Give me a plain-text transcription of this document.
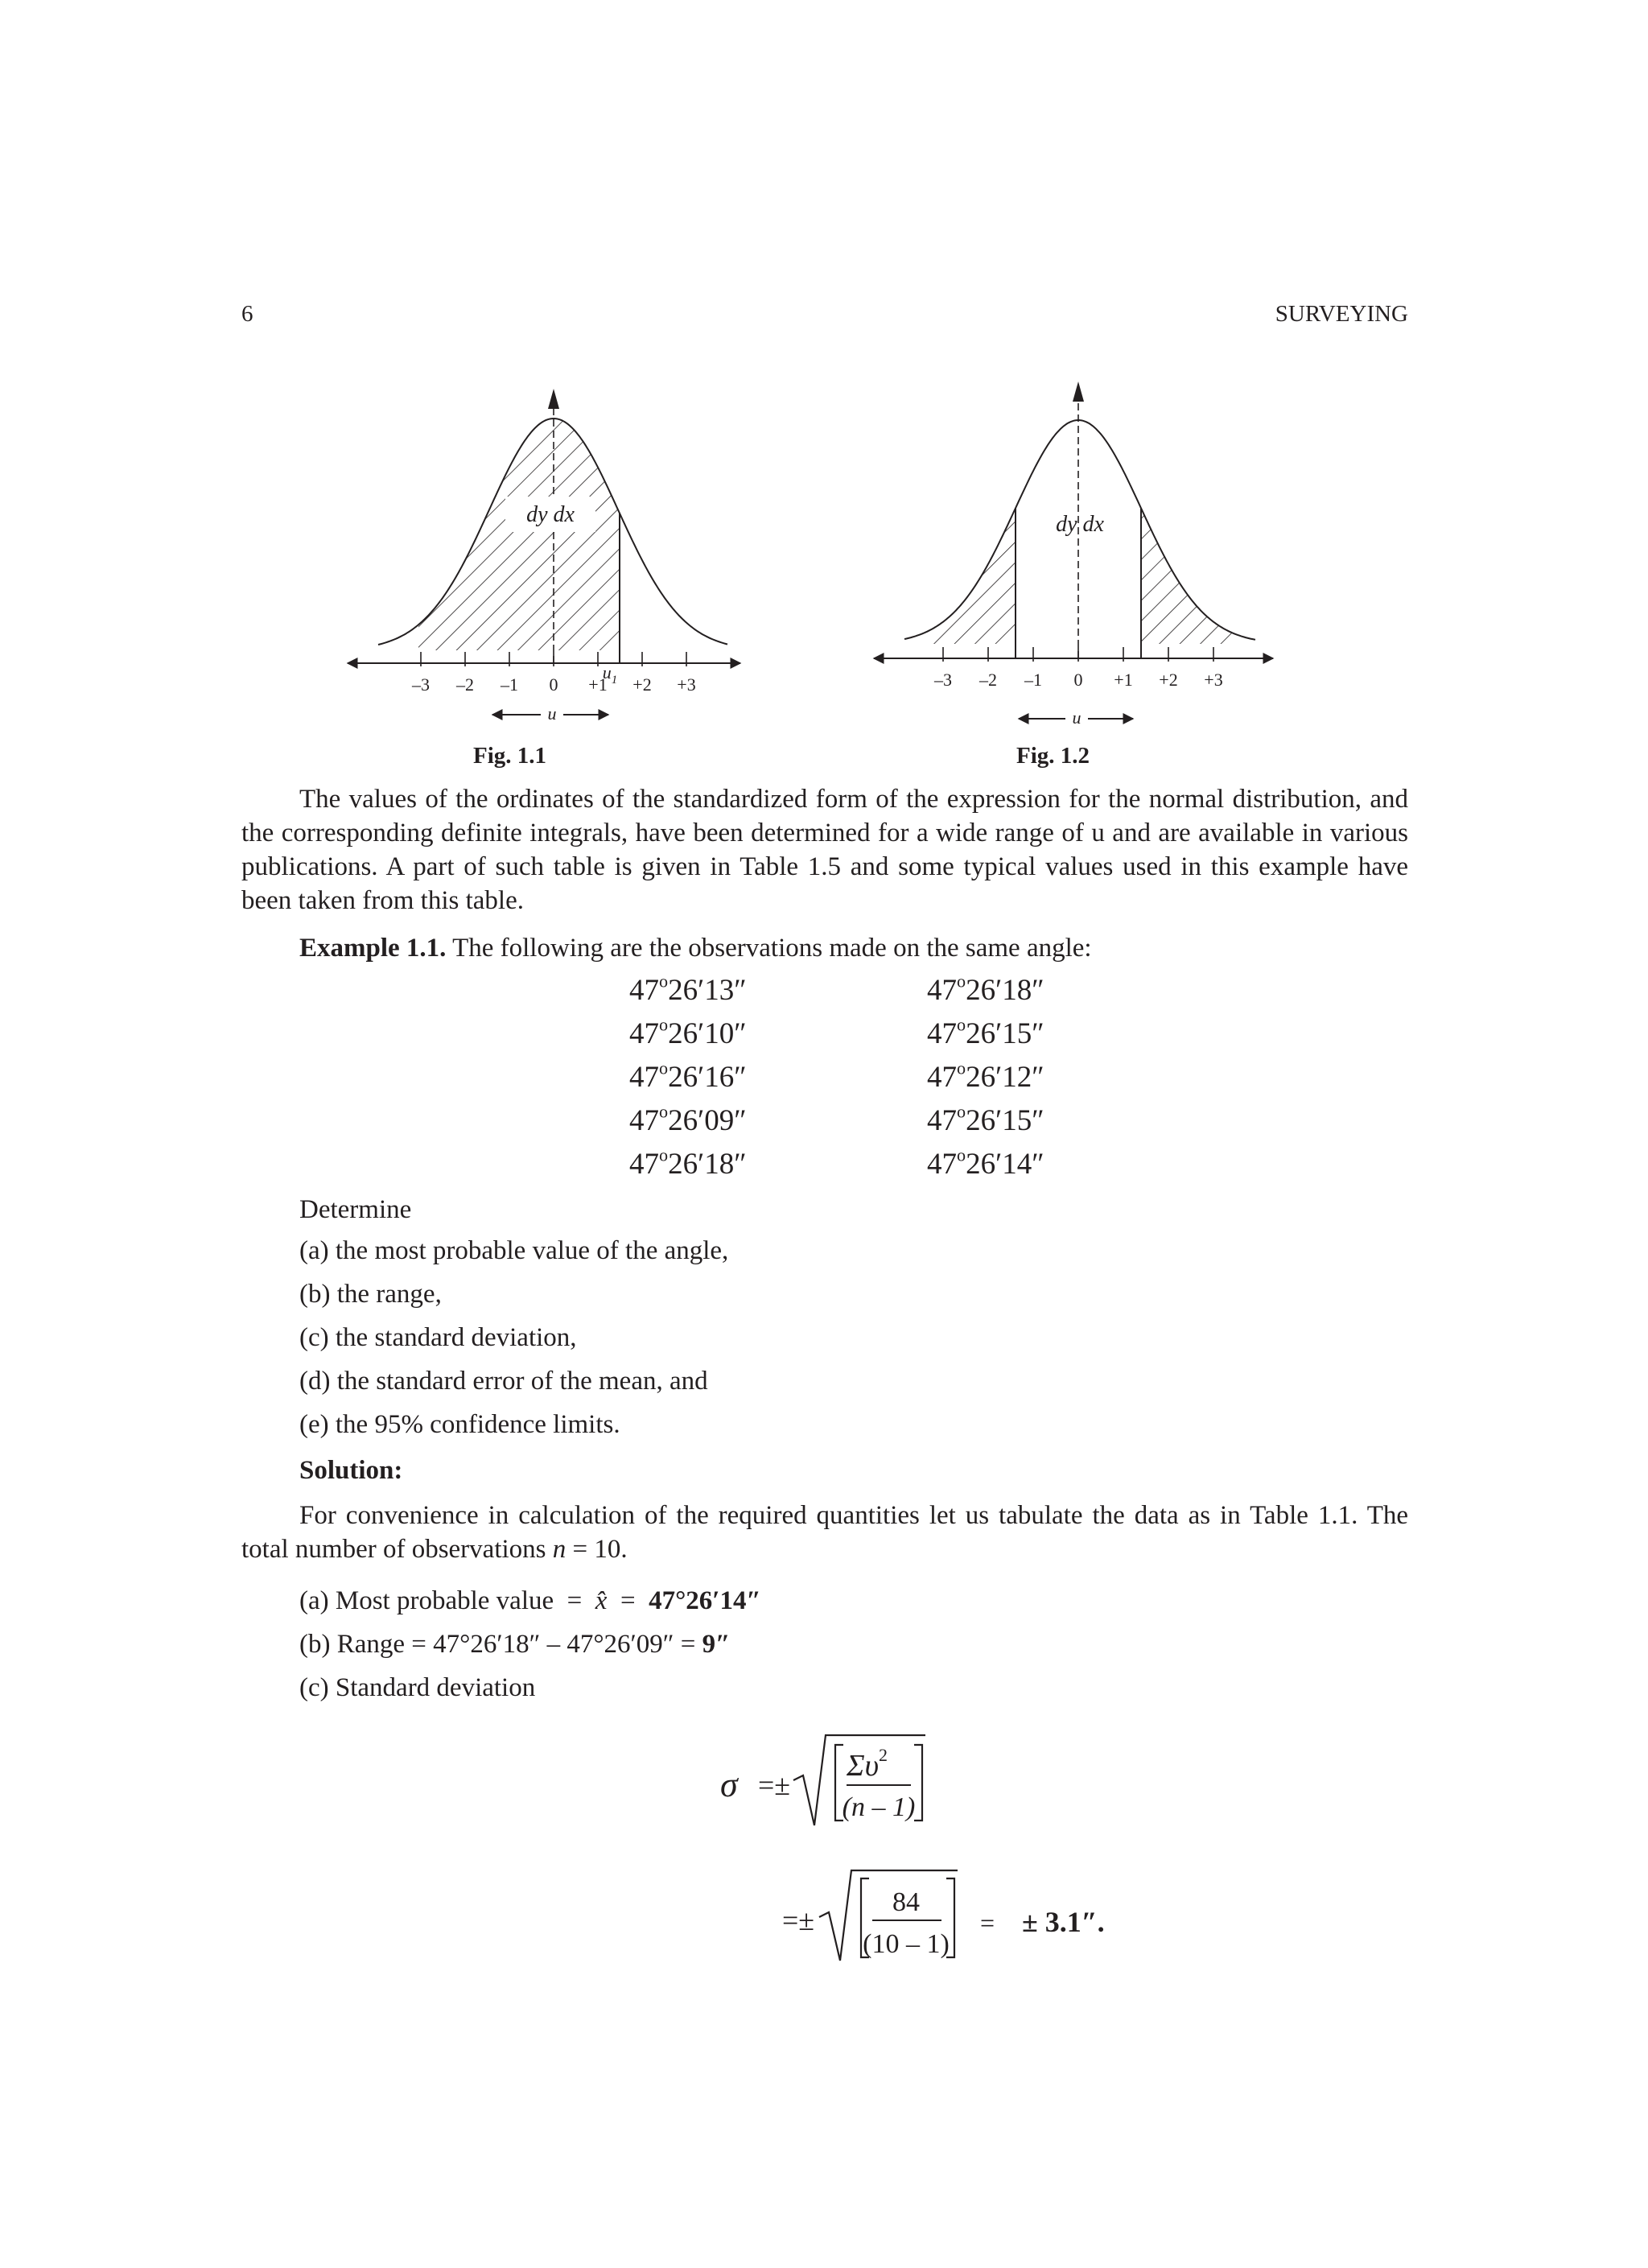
6	SURVEYING
dy dx
–3 –2 –1 0 +1 +2 +3
$u_1$
u
dy dx
–3 –2 –1 0 +1 +2 +3
u
Fig. 1.1	Fig. 1.2
The values of the ordinates of the standardized form of the expression for the normal distribution, and the corresponding definite integrals, have been determined for a wide range of u and are available in various publications. A part of such table is given in Table 1.5 and some typical values used in this example have been taken from this table.
Example 1.1. The following are the observations made on the same angle:
47$^o$26′13″
47$^o$26′10″
47$^o$26′16″
47$^o$26′09″
47$^o$26′18″
47$^o$26′18″
47$^o$26′15″
47$^o$26′12″
47$^o$26′15″
47$^o$26′14″
Determine
(a) the most probable value of the angle,
(b) the range,
(c) the standard deviation,
(d) the standard error of the mean, and
(e) the 95% confidence limits.
Solution:
For convenience in calculation of the required quantities let us tabulate the data as in Table 1.1. The total number of observations n = 10.
(a) Most probable value = x̂ = 47°26′14″
(b) Range = 47°26′18″ – 47°26′09″ = 9″
(c) Standard deviation
σ =±
$\Sigma\upsilon^2$
(n – 1)
=±
84
(10 – 1)
= ± 3.1″.
